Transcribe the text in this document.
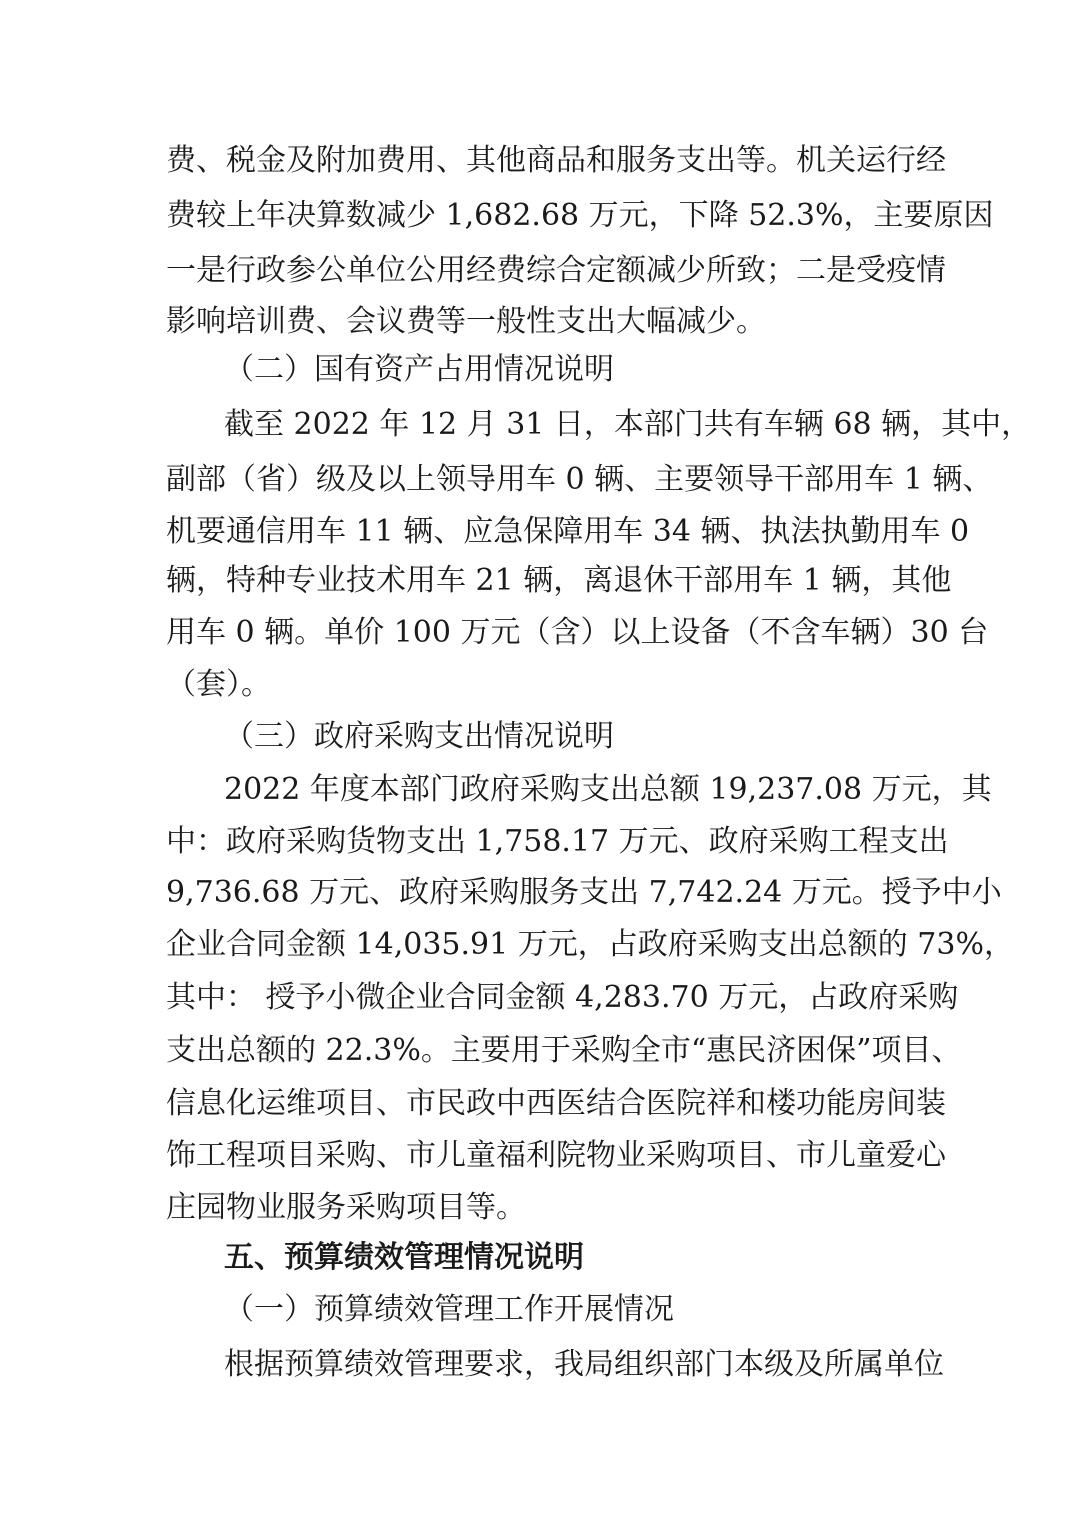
费、税金及附加费用、其他商品和服务支出等。机关运行经
费较上年决算数减少 1,682.68 万元，下降 52.3%，主要原因
一是行政参公单位公用经费综合定额减少所致；二是受疫情
影响培训费、会议费等一般性支出大幅减少。
（二）国有资产占用情况说明
截至 2022 年 12 月 31 日，本部门共有车辆 68 辆，其中，
副部（省）级及以上领导用车 0 辆、主要领导干部用车 1 辆、
机要通信用车 11 辆、应急保障用车 34 辆、执法执勤用车 0
辆，特种专业技术用车 21 辆，离退休干部用车 1 辆，其他
用车 0 辆。单价 100 万元（含）以上设备（不含车辆）30 台
（套）。
（三）政府采购支出情况说明
2022 年度本部门政府采购支出总额 19,237.08 万元，其
中：政府采购货物支出 1,758.17 万元、政府采购工程支出
9,736.68 万元、政府采购服务支出 7,742.24 万元。授予中小
企业合同金额 14,035.91 万元，占政府采购支出总额的 73%，
其中： 授予小微企业合同金额 4,283.70 万元，占政府采购
支出总额的 22.3%。主要用于采购全市“惠民济困保”项目、
信息化运维项目、市民政中西医结合医院祥和楼功能房间装
饰工程项目采购、市儿童福利院物业采购项目、市儿童爱心
庄园物业服务采购项目等。
五、预算绩效管理情况说明
（一）预算绩效管理工作开展情况
根据预算绩效管理要求，我局组织部门本级及所属单位
